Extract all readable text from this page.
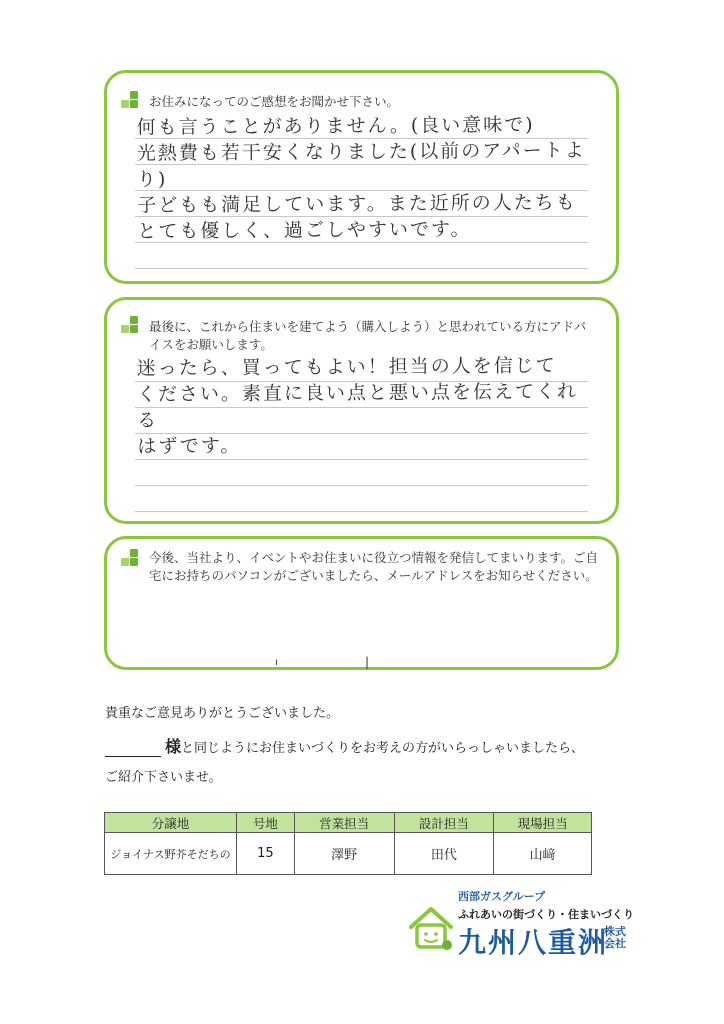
お住みになってのご感想をお聞かせ下さい。
何も言うことがありません。(良い意味で)
光熱費も若干安くなりました(以前のアパートより)
子どもも満足しています。また近所の人たちも
とても優しく、過ごしやすいです。
最後に、これから住まいを建てよう（購入しよう）と思われている方にアドバイスをお願いします。
迷ったら、買ってもよい！担当の人を信じて
ください。素直に良い点と悪い点を伝えてくれる
はずです。
今後、当社より、イベントやお住まいに役立つ情報を発信してまいります。ご自宅にお持ちのパソコンがございましたら、メールアドレスをお知らせください。
ı	|
貴重なご意見ありがとうございました。
様と同じようにお住まいづくりをお考えの方がいらっしゃいましたら、
ご紹介下さいませ。
分譲地	号地	営業担当	設計担当	現場担当
ジョイナス野芥そだちの	15	澤野	田代	山﨑
西部ガスグループ
ふれあいの街づくり・住まいづくり
九州八重洲
株式会社
